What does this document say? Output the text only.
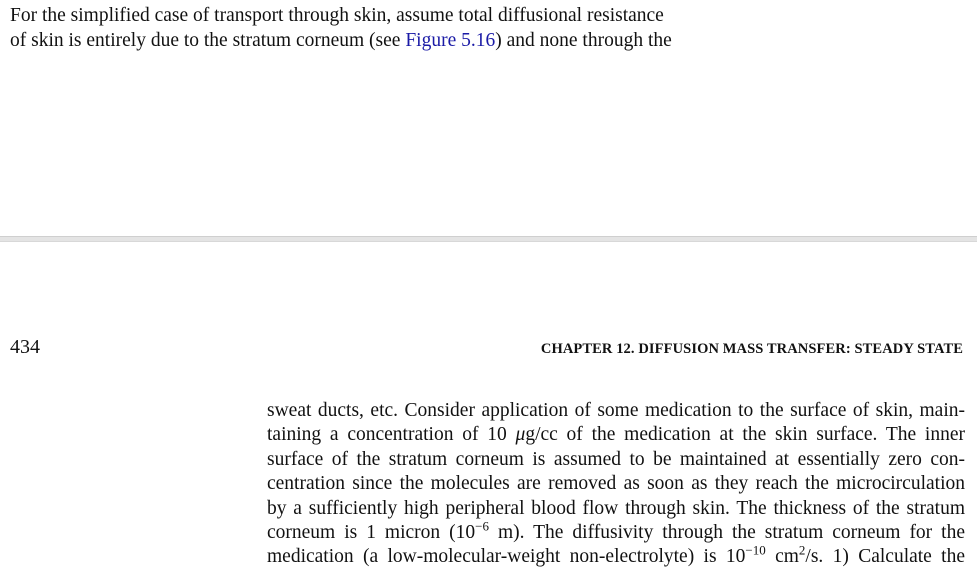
For the simplified case of transport through skin, assume total diffusional resistance
of skin is entirely due to the stratum corneum (see Figure 5.16) and none through the
434	CHAPTER 12. DIFFUSION MASS TRANSFER: STEADY STATE
sweat ducts, etc. Consider application of some medication to the surface of skin, main-
taining a concentration of 10 μg/cc of the medication at the skin surface. The inner
surface of the stratum corneum is assumed to be maintained at essentially zero con-
centration since the molecules are removed as soon as they reach the microcirculation
by a sufficiently high peripheral blood flow through skin. The thickness of the stratum
corneum is 1 micron ($10^{-6}$ m). The diffusivity through the stratum corneum for the
medication (a low-molecular-weight non-electrolyte) is $10^{-10}$ $cm^2/s$. 1) Calculate the
